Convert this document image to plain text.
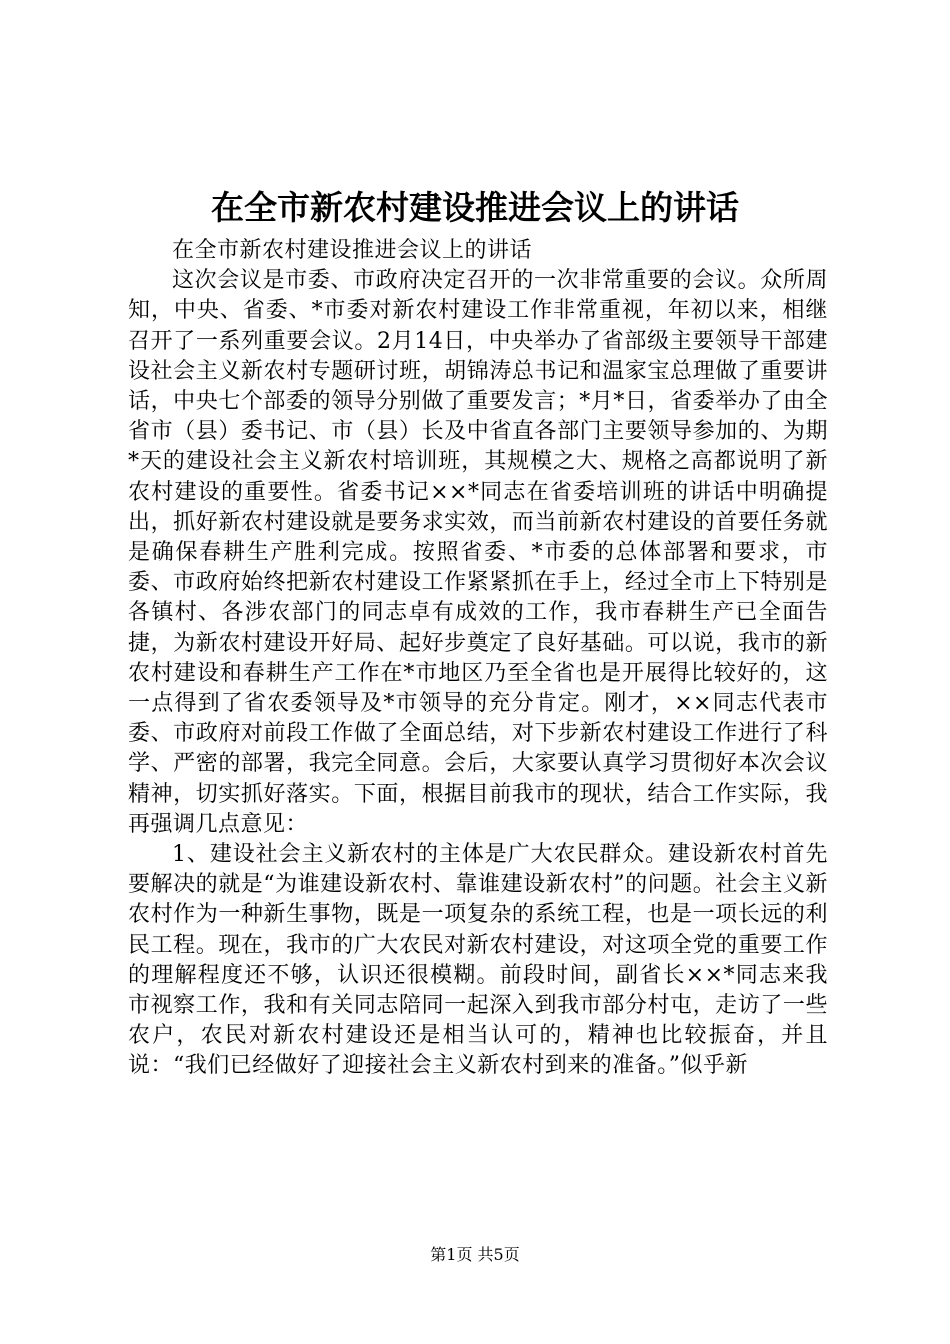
在全市新农村建设推进会议上的讲话

在全市新农村建设推进会议上的讲话

这次会议是市委、市政府决定召开的一次非常重要的会议。众所周知，中央、省委、*市委对新农村建设工作非常重视，年初以来，相继召开了一系列重要会议。2月14日，中央举办了省部级主要领导干部建设社会主义新农村专题研讨班，胡锦涛总书记和温家宝总理做了重要讲话，中央七个部委的领导分别做了重要发言；*月*日，省委举办了由全省市（县）委书记、市（县）长及中省直各部门主要领导参加的、为期*天的建设社会主义新农村培训班，其规模之大、规格之高都说明了新农村建设的重要性。省委书记××*同志在省委培训班的讲话中明确提出，抓好新农村建设就是要务求实效，而当前新农村建设的首要任务就是确保春耕生产胜利完成。按照省委、*市委的总体部署和要求，市委、市政府始终把新农村建设工作紧紧抓在手上，经过全市上下特别是各镇村、各涉农部门的同志卓有成效的工作，我市春耕生产已全面告捷，为新农村建设开好局、起好步奠定了良好基础。可以说，我市的新农村建设和春耕生产工作在*市地区乃至全省也是开展得比较好的，这一点得到了省农委领导及*市领导的充分肯定。刚才，××同志代表市委、市政府对前段工作做了全面总结，对下步新农村建设工作进行了科学、严密的部署，我完全同意。会后，大家要认真学习贯彻好本次会议精神，切实抓好落实。下面，根据目前我市的现状，结合工作实际，我再强调几点意见：

1、建设社会主义新农村的主体是广大农民群众。建设新农村首先要解决的就是“为谁建设新农村、靠谁建设新农村”的问题。社会主义新农村作为一种新生事物，既是一项复杂的系统工程，也是一项长远的利民工程。现在，我市的广大农民对新农村建设，对这项全党的重要工作的理解程度还不够，认识还很模糊。前段时间，副省长××*同志来我市视察工作，我和有关同志陪同一起深入到我市部分村屯，走访了一些农户，农民对新农村建设还是相当认可的，精神也比较振奋，并且说：“我们已经做好了迎接社会主义新农村到来的准备。”似乎新

第1页 共5页
